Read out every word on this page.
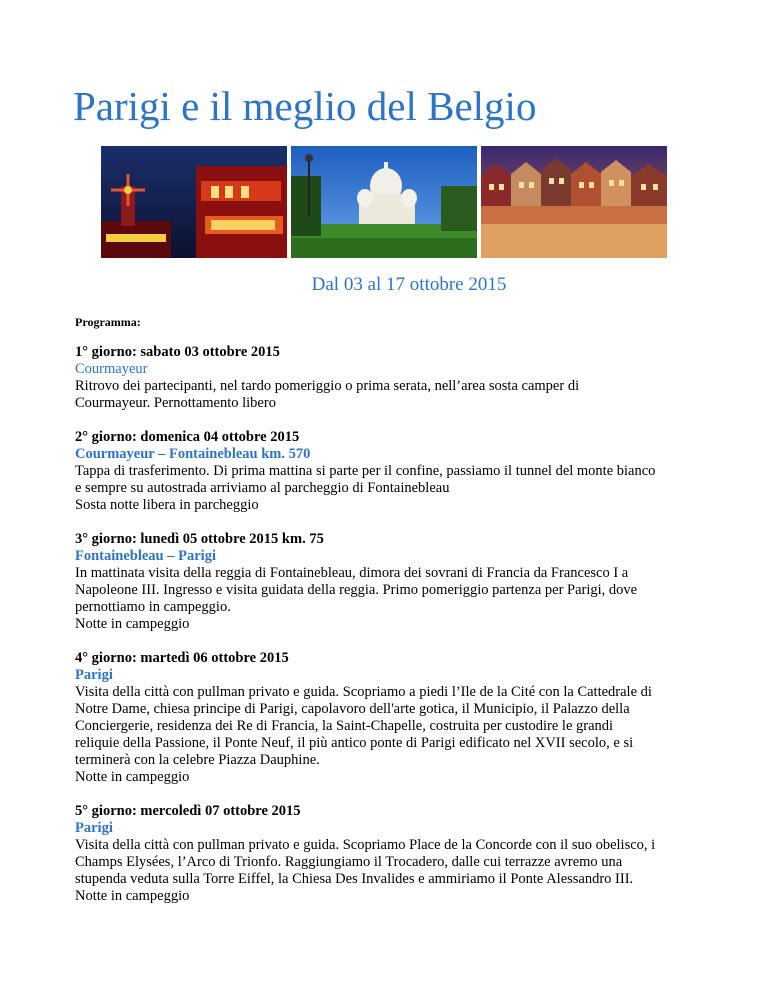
Parigi e il meglio del Belgio
Dal 03 al 17 ottobre 2015
Programma:
1° giorno: sabato 03 ottobre 2015
Courmayeur
Ritrovo dei partecipanti, nel tardo pomeriggio o prima serata, nell’area sosta camper di
Courmayeur. Pernottamento libero
2° giorno: domenica 04 ottobre 2015
Courmayeur – Fontainebleau km. 570
Tappa di trasferimento. Di prima mattina si parte per il confine, passiamo il tunnel del monte bianco
e sempre su autostrada arriviamo al parcheggio di Fontainebleau
Sosta notte libera in parcheggio
3° giorno: lunedì 05 ottobre 2015 km. 75
Fontainebleau – Parigi
In mattinata visita della reggia di Fontainebleau, dimora dei sovrani di Francia da Francesco I a
Napoleone III. Ingresso e visita guidata della reggia. Primo pomeriggio partenza per Parigi, dove
pernottiamo in campeggio.
Notte in campeggio
4° giorno: martedì 06 ottobre 2015
Parigi
Visita della città con pullman privato e guida. Scopriamo a piedi l’Ile de la Cité con la Cattedrale di
Notre Dame, chiesa principe di Parigi, capolavoro dell'arte gotica, il Municipio, il Palazzo della
Conciergerie, residenza dei Re di Francia, la Saint-Chapelle, costruita per custodire le grandi
reliquie della Passione, il Ponte Neuf, il più antico ponte di Parigi edificato nel XVII secolo, e si
terminerà con la celebre Piazza Dauphine.
Notte in campeggio
5° giorno: mercoledì 07 ottobre 2015
Parigi
Visita della città con pullman privato e guida. Scopriamo Place de la Concorde con il suo obelisco, i
Champs Elysées, l’Arco di Trionfo. Raggiungiamo il Trocadero, dalle cui terrazze avremo una
stupenda veduta sulla Torre Eiffel, la Chiesa Des Invalides e ammiriamo il Ponte Alessandro III.
Notte in campeggio
